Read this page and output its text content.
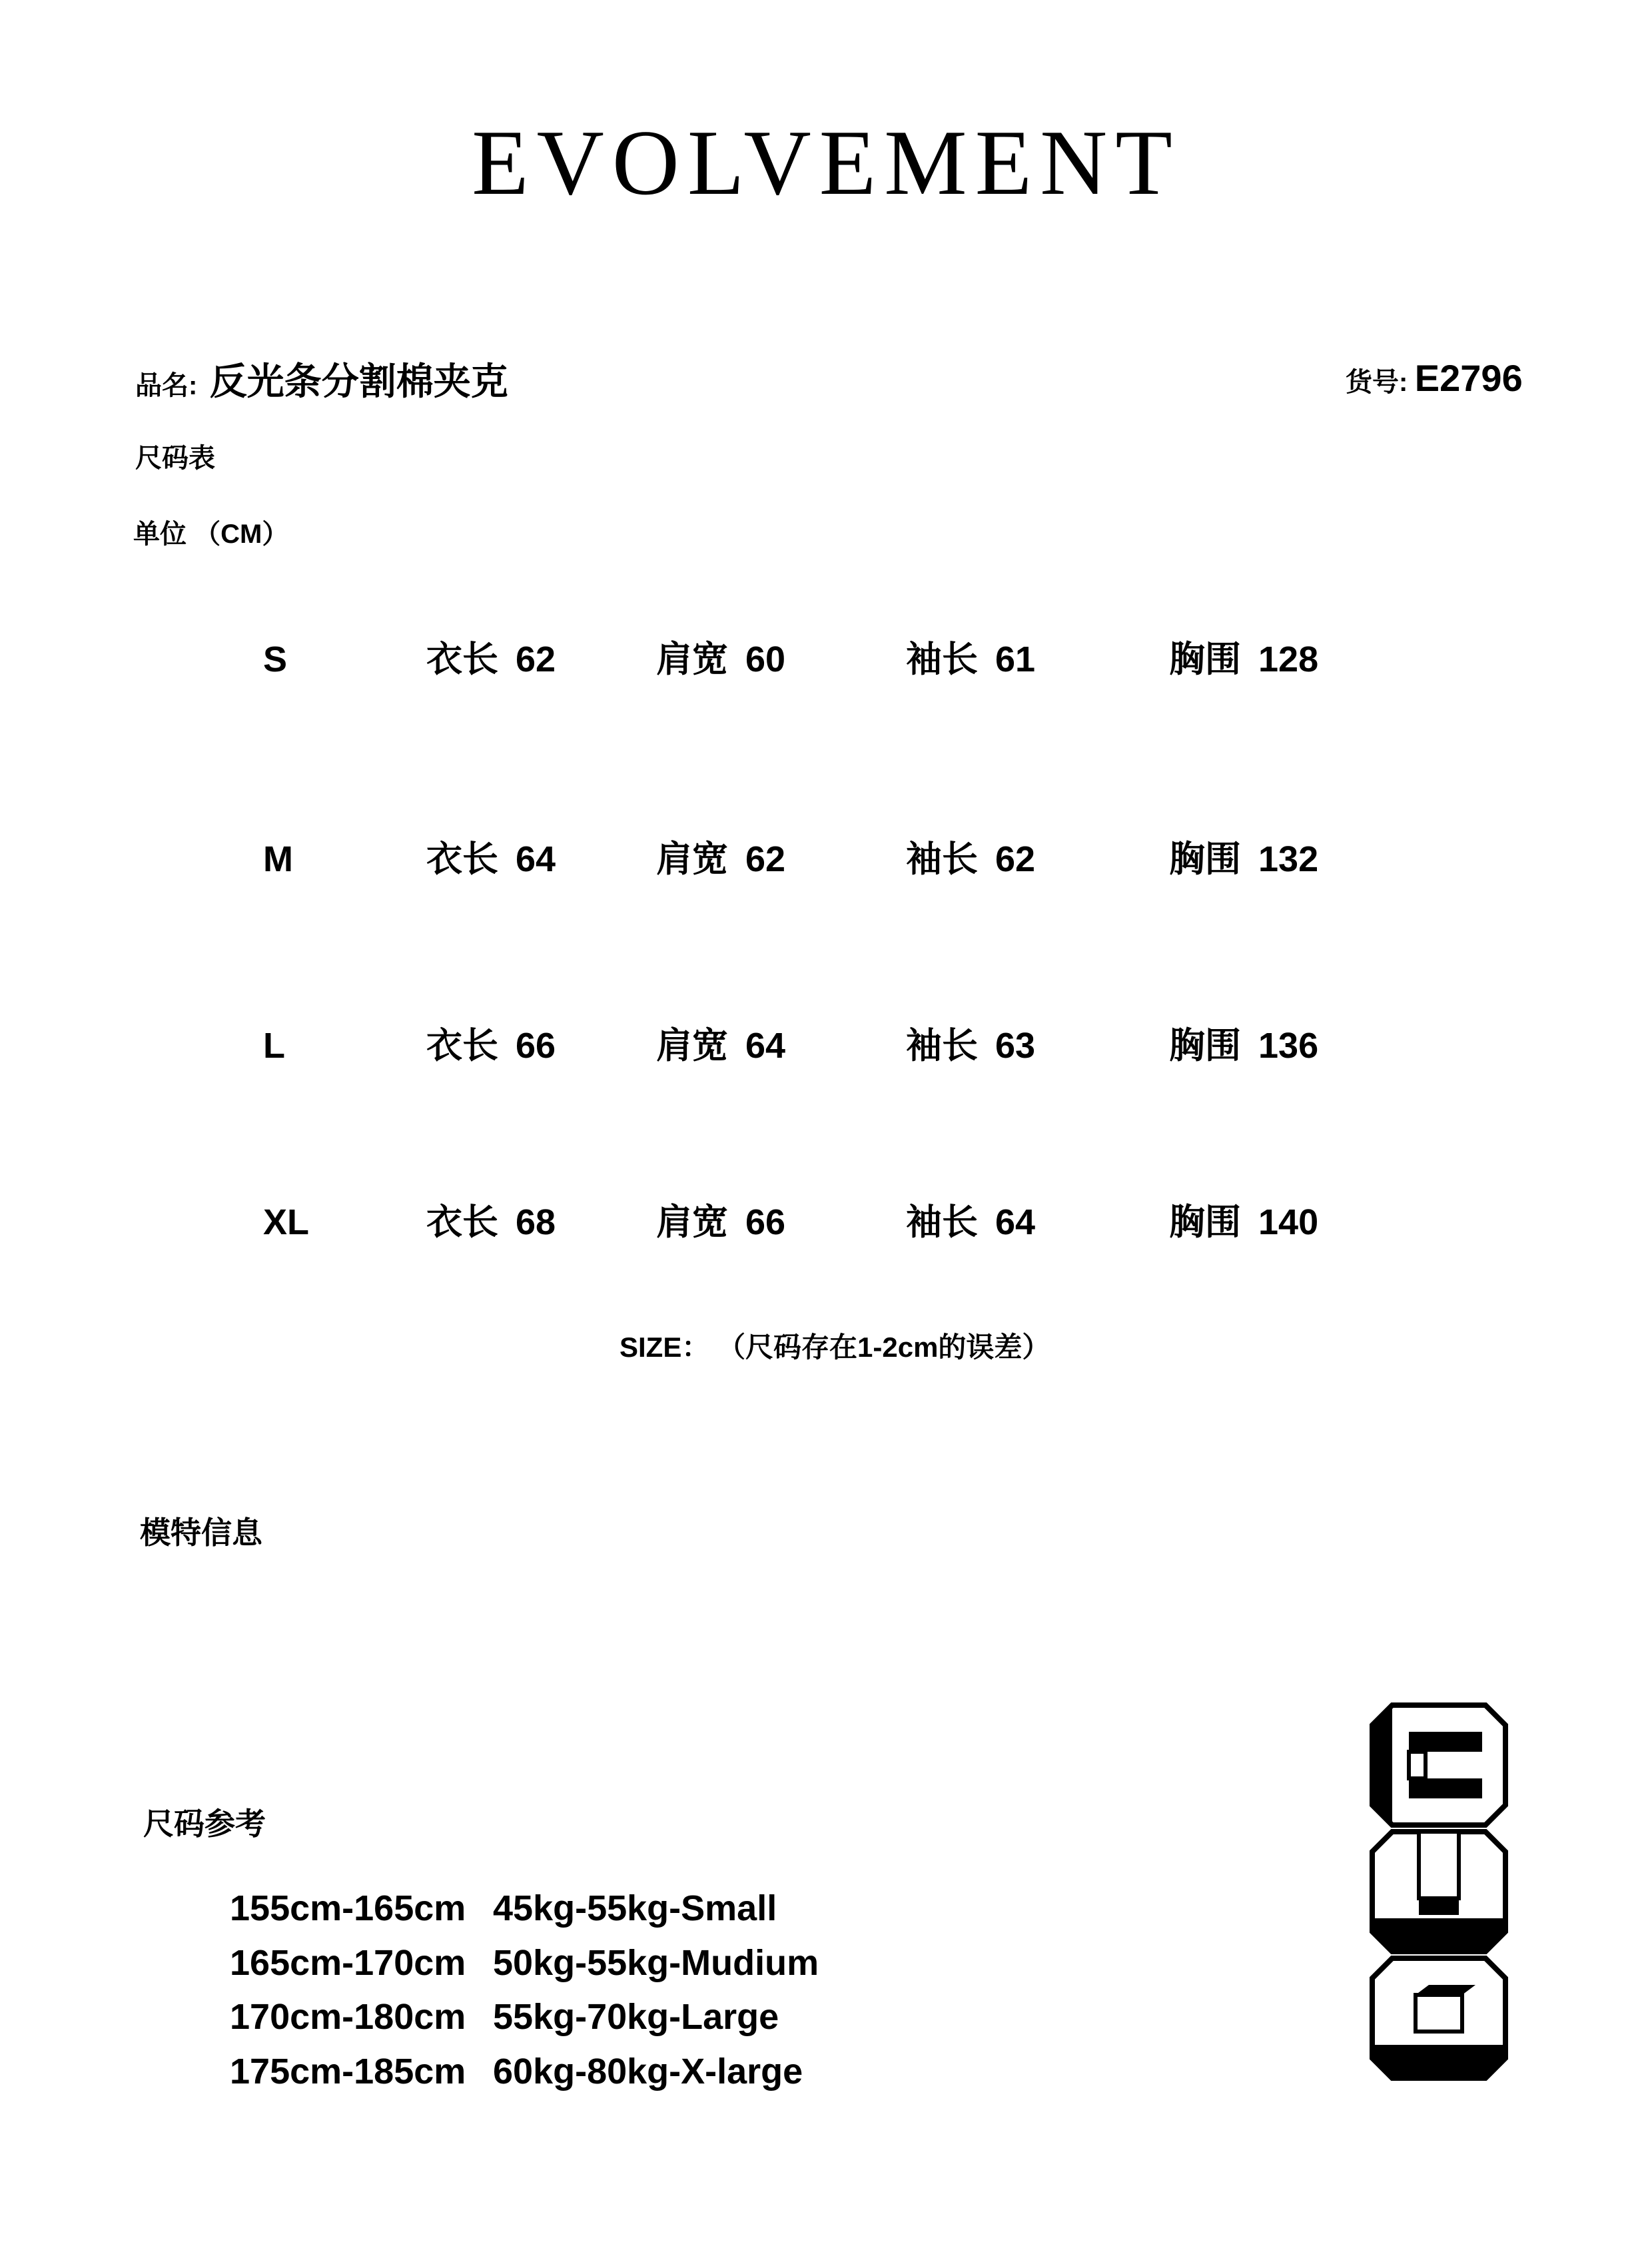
EVOLVEMENT
品名: 反光条分割棉夹克	货号: E2796
尺码表
单位 （CM）
S	衣长 62	肩宽 60	袖长 61	胸围 128
M	衣长 64	肩宽 62	袖长 62	胸围 132
L	衣长 66	肩宽 64	袖长 63	胸围 136
XL	衣长 68	肩宽 66	袖长 64	胸围 140
SIZE： （尺码存在1-2cm的误差）
模特信息
尺码参考
155cm-165cm 45kg-55kg-Small
165cm-170cm 50kg-55kg-Mudium
170cm-180cm 55kg-70kg-Large
175cm-185cm 60kg-80kg-X-large
